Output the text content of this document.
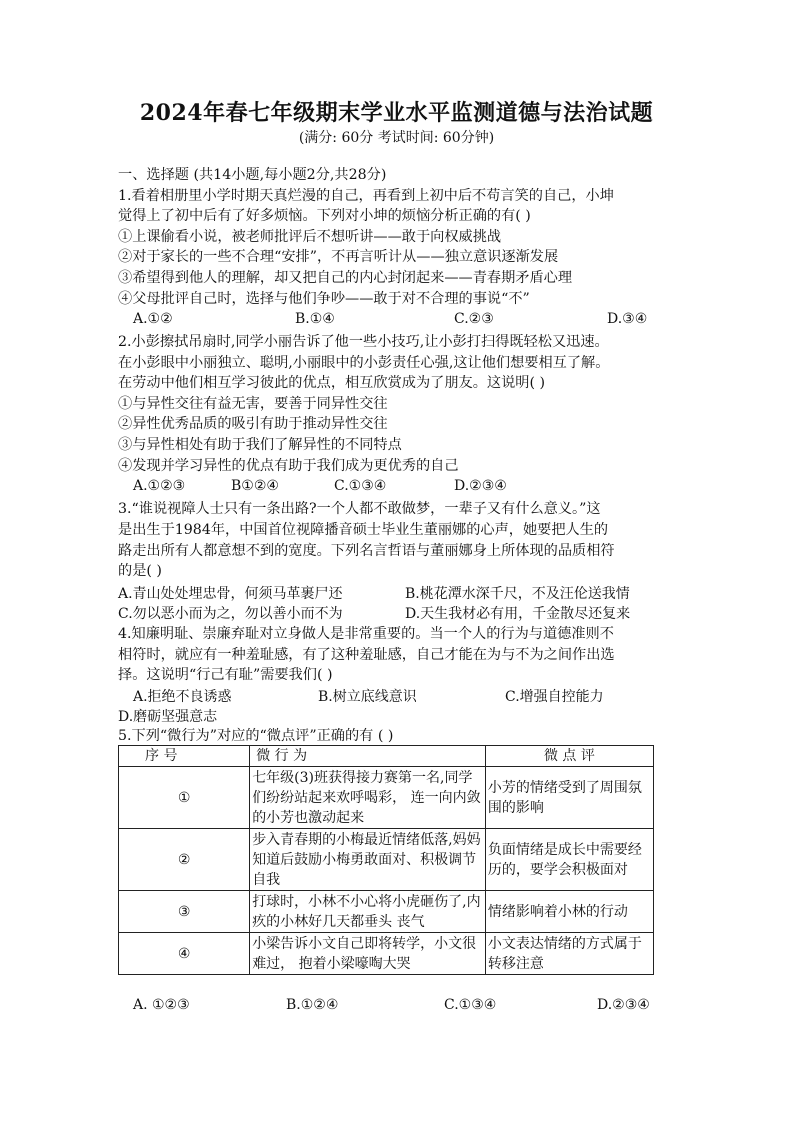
2024年春七年级期末学业水平监测道德与法治试题
(满分: 60分 考试时间: 60分钟)
一、选择题 (共14小题,每小题2分,共28分)
1.看着相册里小学时期天真烂漫的自己，再看到上初中后不苟言笑的自己，小坤
觉得上了初中后有了好多烦恼。下列对小坤的烦恼分析正确的有( )
①上课偷看小说，被老师批评后不想听讲——敢于向权威挑战
②对于家长的一些不合理“安排”，不再言听计从——独立意识逐渐发展
③希望得到他人的理解，却又把自己的内心封闭起来——青春期矛盾心理
④父母批评自己时，选择与他们争吵——敢于对不合理的事说“不”
A.①②	B.①④	C.②③	D.③④
2.小彭擦拭吊扇时,同学小丽告诉了他一些小技巧,让小彭打扫得既轻松又迅速。
在小彭眼中小丽独立、聪明,小丽眼中的小彭责任心强,这让他们想要相互了解。
在劳动中他们相互学习彼此的优点，相互欣赏成为了朋友。这说明( )
①与异性交往有益无害，要善于同异性交往
②异性优秀品质的吸引有助于推动异性交往
③与异性相处有助于我们了解异性的不同特点
④发现并学习异性的优点有助于我们成为更优秀的自己
A.①②③	B①②④	C.①③④	D.②③④
3.“谁说视障人士只有一条出路?一个人都不敢做梦，一辈子又有什么意义。”这
是出生于1984年，中国首位视障播音硕士毕业生董丽娜的心声，她要把人生的
路走出所有人都意想不到的宽度。下列名言哲语与董丽娜身上所体现的品质相符
的是( )
A.青山处处埋忠骨，何须马革裹尸还	B.桃花潭水深千尺，不及汪伦送我情
C.勿以恶小而为之，勿以善小而不为	D.天生我材必有用，千金散尽还复来
4.知廉明耻、崇廉弃耻对立身做人是非常重要的。当一个人的行为与道德准则不
相符时，就应有一种羞耻感，有了这种羞耻感，自己才能在为与不为之间作出选
择。这说明“行己有耻”需要我们( )
A.拒绝不良诱惑	B.树立底线意识	C.增强自控能力
D.磨砺坚强意志
5.下列“微行为”对应的“微点评”正确的有 ( )
序 号	微 行 为	微 点 评
①	七年级(3)班获得接力赛第一名,同学们纷纷站起来欢呼喝彩， 连一向内敛的小芳也激动起来	小芳的情绪受到了周围氛围的影响
②	步入青春期的小梅最近情绪低落,妈妈知道后鼓励小梅勇敢面对、积极调节自我	负面情绪是成长中需要经历的，要学会积极面对
③	打球时，小林不小心将小虎砸伤了,内疚的小林好几天都垂头 丧气	情绪影响着小林的行动
④	小梁告诉小文自己即将转学，小文很难过， 抱着小梁嚎啕大哭	小文表达情绪的方式属于转移注意
A. ①②③	B.①②④	C.①③④	D.②③④
